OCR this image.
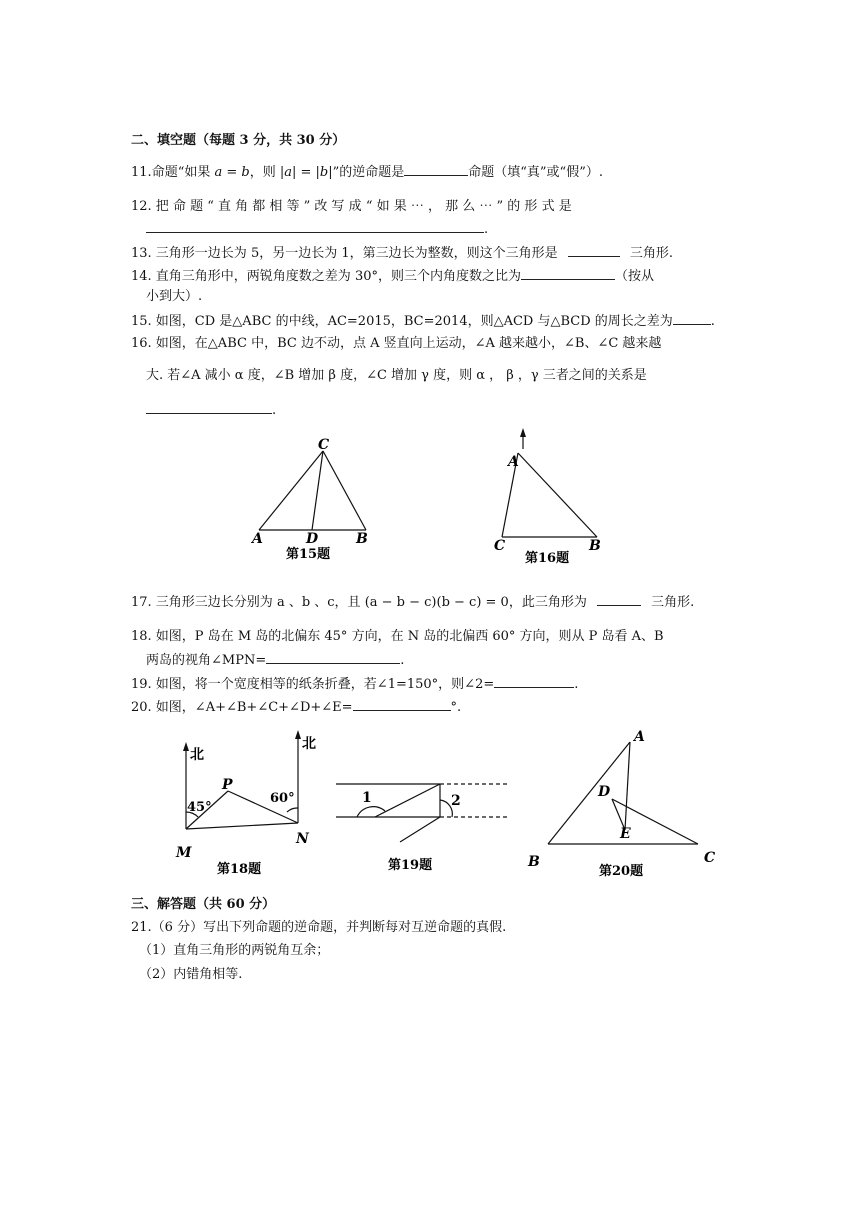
二、填空题（每题 3 分，共 30 分）
11.命题“如果 a = b，则 |a| = |b|”的逆命题是	命题（填“真”或“假”）.
12. 把 命 题 “ 直 角 都 相 等 ” 改 写 成 “ 如 果 ⋯ ， 那 么 ⋯ ” 的 形 式 是
.
13. 三角形一边长为 5，另一边长为 1，第三边长为整数，则这个三角形是	三角形.
14. 直角三角形中，两锐角度数之差为 30°，则三个内角度数之比为	（按从
小到大）.
15. 如图，CD 是△ABC 的中线，AC=2015，BC=2014，则△ACD 与△BCD 的周长之差为	.
16. 如图，在△ABC 中，BC 边不动，点 A 竖直向上运动，∠A 越来越小，∠B、∠C 越来越
大. 若∠A 减小 α 度，∠B 增加 β 度，∠C 增加 γ 度，则 α ， β ，γ 三者之间的关系是
.
C
A	D	B
第15题
A
C	B
第16题
17. 三角形三边长分别为 a 、b 、c，且 (a − b − c)(b − c) = 0，此三角形为	三角形.
18. 如图，P 岛在 M 岛的北偏东 45° 方向，在 N 岛的北偏西 60° 方向，则从 P 岛看 A、B
两岛的视角∠MPN=	.
19. 如图，将一个宽度相等的纸条折叠，若∠1=150°，则∠2=	.
20. 如图，∠A+∠B+∠C+∠D+∠E=	°.
北
北
45°
60°
P
M
N
第18题
1	2
第19题
A
D
E
B	C
第20题
三、解答题（共 60 分）
21.（6 分）写出下列命题的逆命题，并判断每对互逆命题的真假.
（1）直角三角形的两锐角互余；
（2）内错角相等.
